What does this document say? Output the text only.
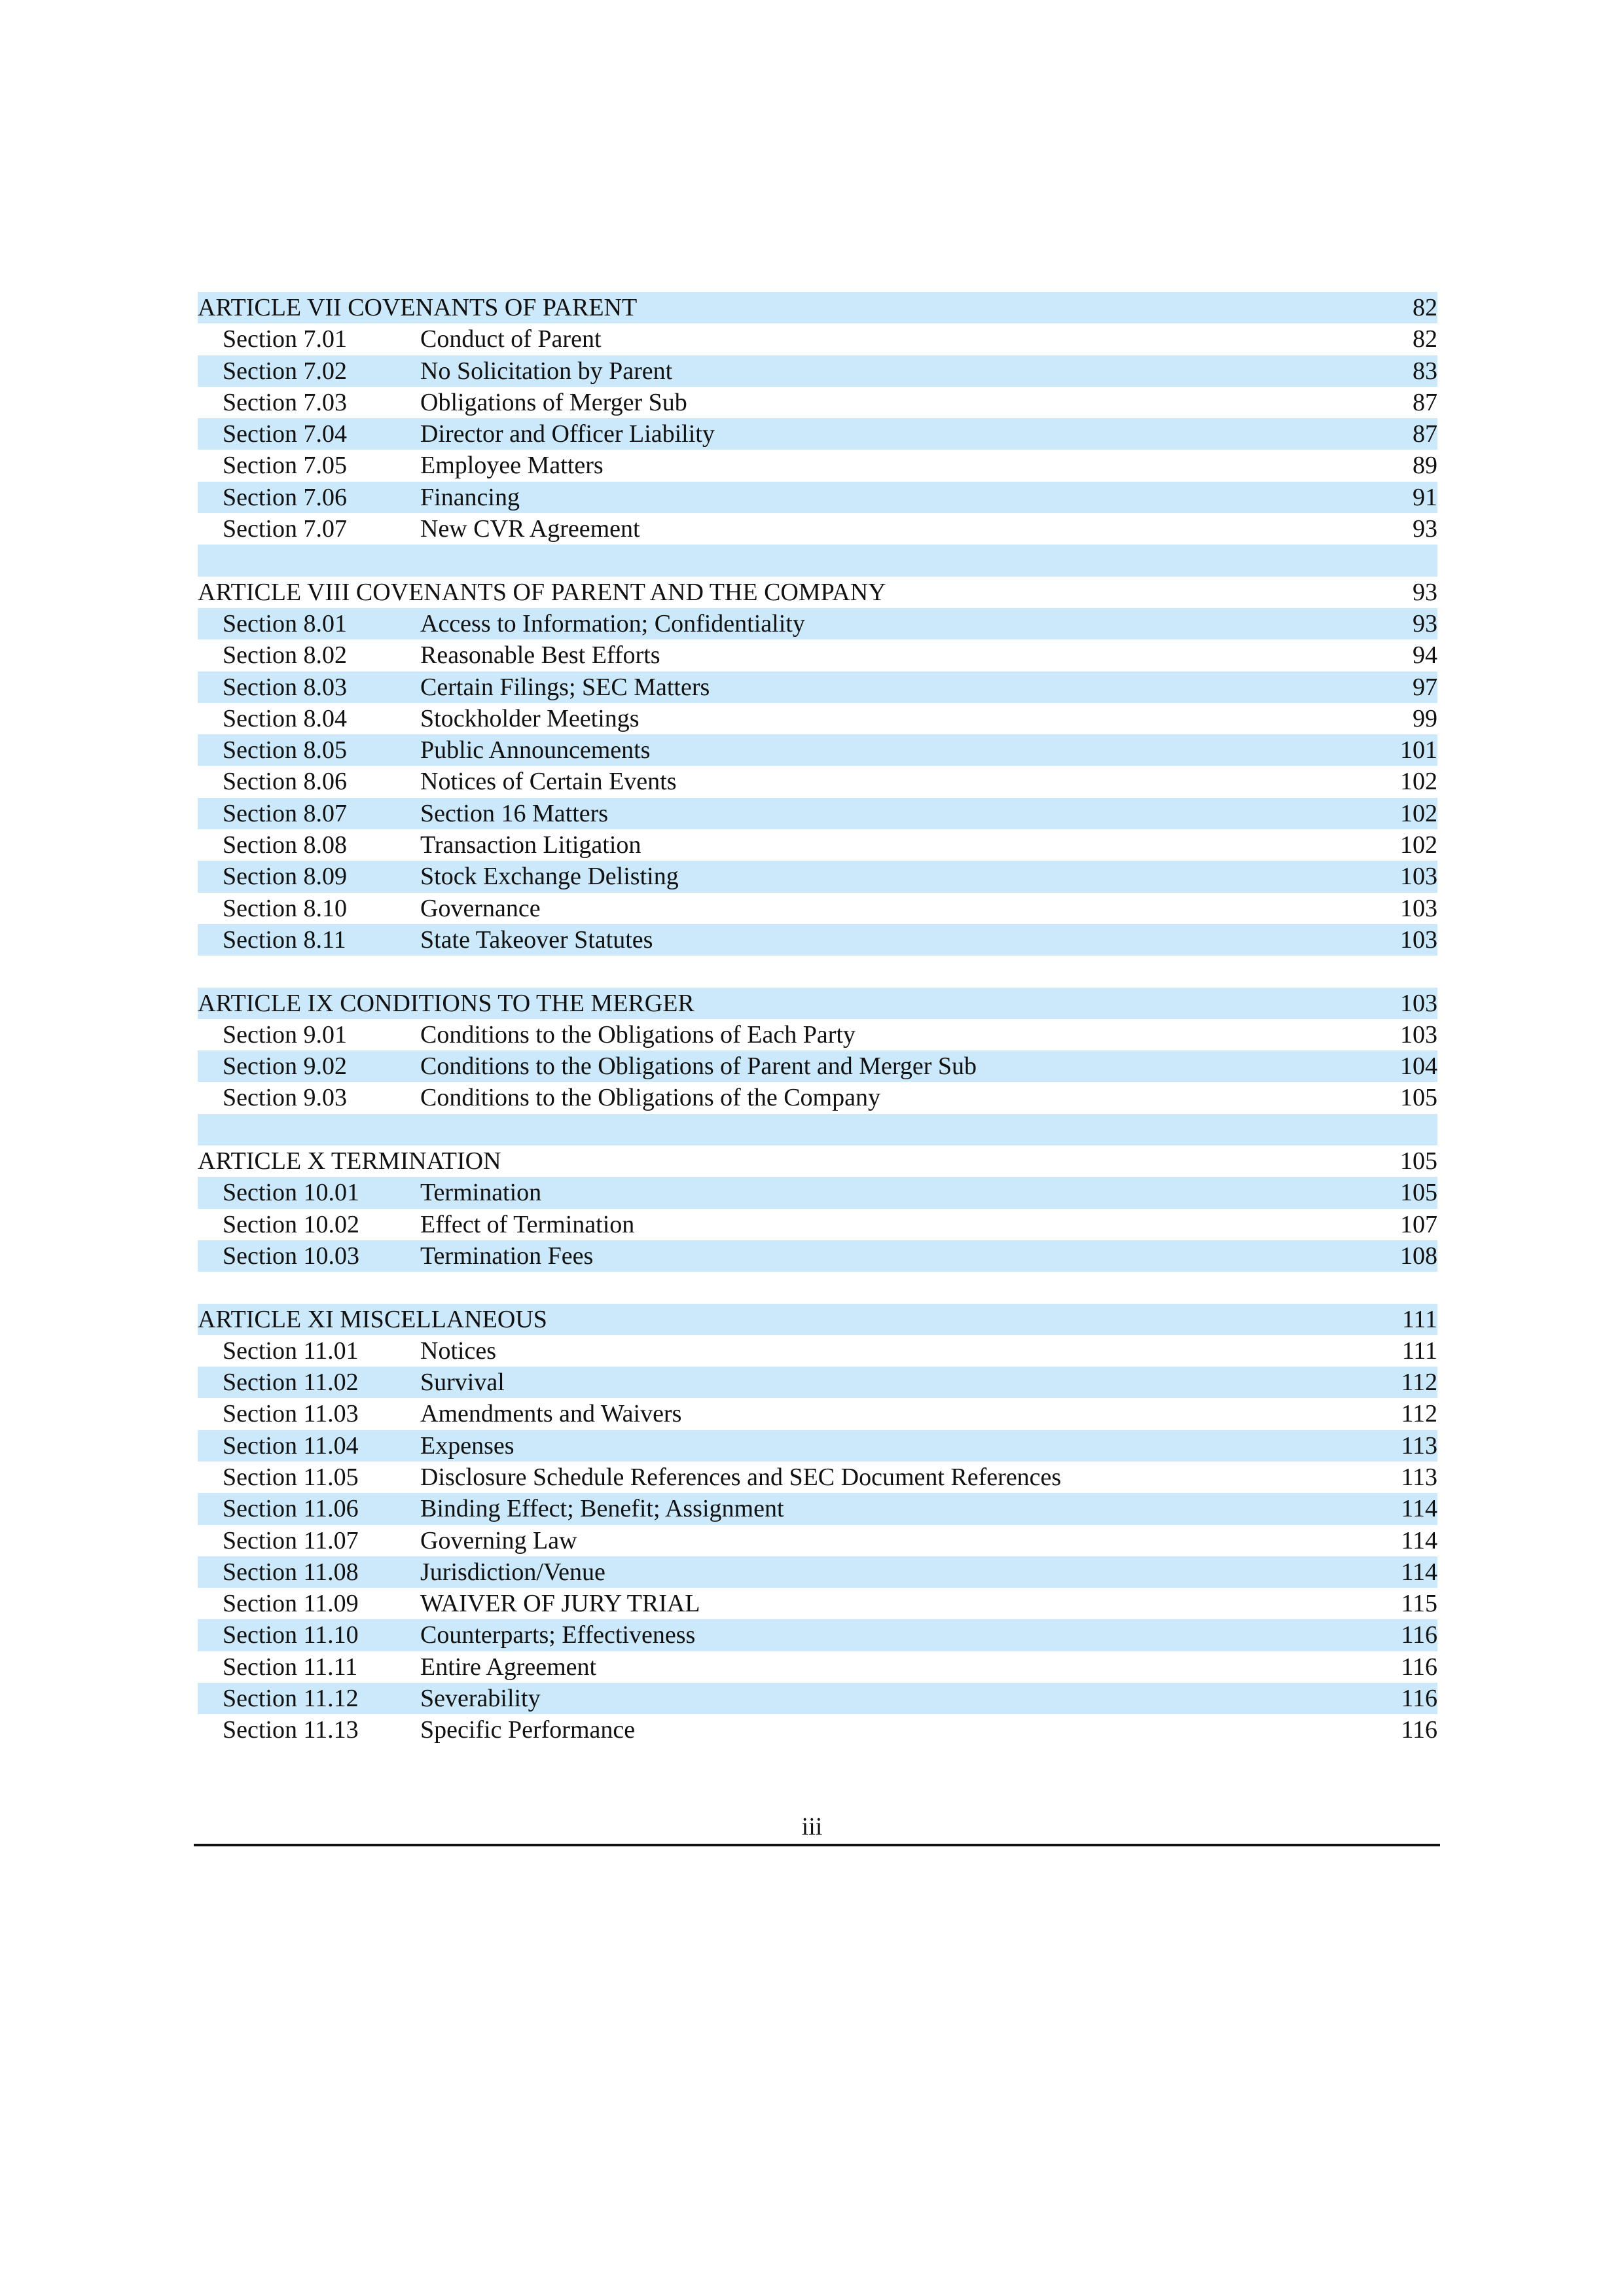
ARTICLE VII COVENANTS OF PARENT	82
Section 7.01	Conduct of Parent	82
Section 7.02	No Solicitation by Parent	83
Section 7.03	Obligations of Merger Sub	87
Section 7.04	Director and Officer Liability	87
Section 7.05	Employee Matters	89
Section 7.06	Financing	91
Section 7.07	New CVR Agreement	93
ARTICLE VIII COVENANTS OF PARENT AND THE COMPANY	93
Section 8.01	Access to Information; Confidentiality	93
Section 8.02	Reasonable Best Efforts	94
Section 8.03	Certain Filings; SEC Matters	97
Section 8.04	Stockholder Meetings	99
Section 8.05	Public Announcements	101
Section 8.06	Notices of Certain Events	102
Section 8.07	Section 16 Matters	102
Section 8.08	Transaction Litigation	102
Section 8.09	Stock Exchange Delisting	103
Section 8.10	Governance	103
Section 8.11	State Takeover Statutes	103
ARTICLE IX CONDITIONS TO THE MERGER	103
Section 9.01	Conditions to the Obligations of Each Party	103
Section 9.02	Conditions to the Obligations of Parent and Merger Sub	104
Section 9.03	Conditions to the Obligations of the Company	105
ARTICLE X TERMINATION	105
Section 10.01 Termination	105
Section 10.02 Effect of Termination	107
Section 10.03 Termination Fees	108
ARTICLE XI MISCELLANEOUS	111
Section 11.01 Notices	111
Section 11.02 Survival	112
Section 11.03 Amendments and Waivers	112
Section 11.04 Expenses	113
Section 11.05 Disclosure Schedule References and SEC Document References	113
Section 11.06 Binding Effect; Benefit; Assignment	114
Section 11.07 Governing Law	114
Section 11.08 Jurisdiction/Venue	114
Section 11.09 WAIVER OF JURY TRIAL	115
Section 11.10 Counterparts; Effectiveness	116
Section 11.11	Entire Agreement	116
Section 11.12 Severability	116
Section 11.13 Specific Performance	116
iii
